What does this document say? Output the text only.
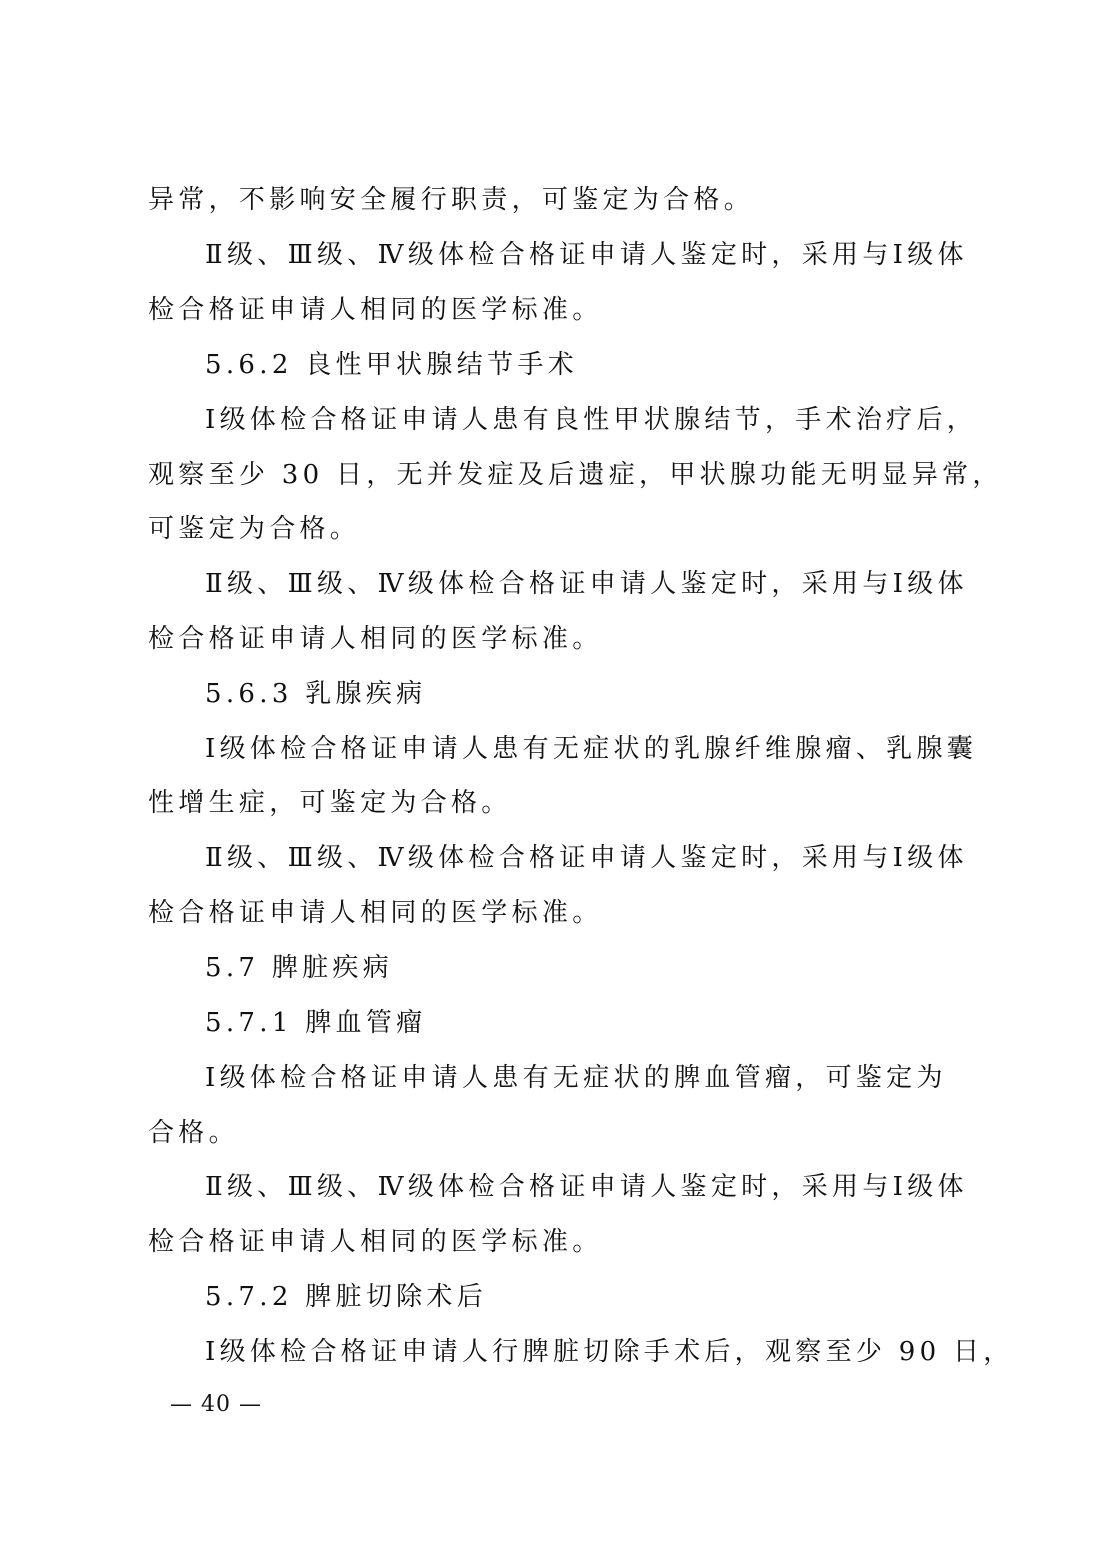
异常，不影响安全履行职责，可鉴定为合格。
Ⅱ级、Ⅲ级、Ⅳ级体检合格证申请人鉴定时，采用与Ⅰ级体
检合格证申请人相同的医学标准。
5.6.2 良性甲状腺结节手术
Ⅰ级体检合格证申请人患有良性甲状腺结节，手术治疗后，
观察至少 30 日，无并发症及后遗症，甲状腺功能无明显异常，
可鉴定为合格。
Ⅱ级、Ⅲ级、Ⅳ级体检合格证申请人鉴定时，采用与Ⅰ级体
检合格证申请人相同的医学标准。
5.6.3 乳腺疾病
Ⅰ级体检合格证申请人患有无症状的乳腺纤维腺瘤、乳腺囊
性增生症，可鉴定为合格。
Ⅱ级、Ⅲ级、Ⅳ级体检合格证申请人鉴定时，采用与Ⅰ级体
检合格证申请人相同的医学标准。
5.7 脾脏疾病
5.7.1 脾血管瘤
Ⅰ级体检合格证申请人患有无症状的脾血管瘤，可鉴定为
合格。
Ⅱ级、Ⅲ级、Ⅳ级体检合格证申请人鉴定时，采用与Ⅰ级体
检合格证申请人相同的医学标准。
5.7.2 脾脏切除术后
Ⅰ级体检合格证申请人行脾脏切除手术后，观察至少 90 日，
— 40 —
